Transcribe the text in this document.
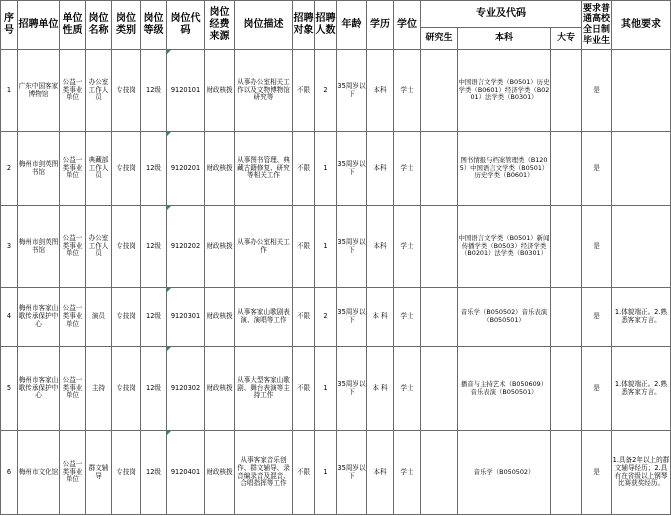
序号	招聘单位	单位性质	岗位名称	岗位类别	岗位等级	岗位代码	岗位经费来源	岗位描述	招聘对象	招聘人数	年龄	学历	学位	专业及代码			要求普通高校全日制毕业生	其他要求
														研究生	本科	大专		
1	广东中国客家博物馆	公益一类事业单位	办公室工作人员	专技岗	12级	9120101	财政核拨	从事办公室相关工作以及文物博物馆研究等	不限	2	35周岁以下	本科	学士		中国语言文学类（B0501）历史学类（B0601）经济学类（B0201）法学类（B0301）		是	
2	梅州市剑英图书馆	公益一类事业单位	典藏部工作人员	专技岗	12级	9120201	财政核拨	从事图书管理、典藏古籍修复、研究等相关工作	不限	1	35周岁以下	本科	学士		图书情报与档案管理类（B1205）中国语言文学类（B0501）历史学类（B0601）		是	
3	梅州市剑英图书馆	公益一类事业单位	办公室工作人员	专技岗	12级	9120202	财政核拨	从事办公室相关工作	不限	1	35周岁以下	本科	学士		中国语言文学类（B0501）新闻传播学类（B0503）经济学类（B0201）法学类（B0301）		是	
4	梅州市客家山歌传承保护中心	公益一类事业单位	演员	专技岗	12级	9120301	财政核拨	从事客家山歌剧表演、演唱等工作	不限	2	35周岁以下	本 科	学士		音乐学（B050502）音乐表演（B050501）		是	1.体貌端正。2.熟悉客家方言。
5	梅州市客家山歌传承保护中心	公益一类事业单位	主持	专技岗	12级	9120302	财政核拨	从事大型客家山歌剧、舞台表演等主持工作	不限	1	35周岁以下	本 科	学士		播音与主持艺术（B050609）音乐表演（B050501）		是	1.体貌端正。2.熟悉客家方言。
6	梅州市文化馆	公益一类事业单位	群文辅导	专技岗	12级	9120401	财政核拨	从事客家音乐创作、群文辅导、录音编录音及混音、合唱指挥等工作	不限	1	35周岁以下	本科	学士		音乐学（B050502）		是	1.具备2年以上的群文辅导经历；2.具有在省级以上钢琴比赛获奖经历。
